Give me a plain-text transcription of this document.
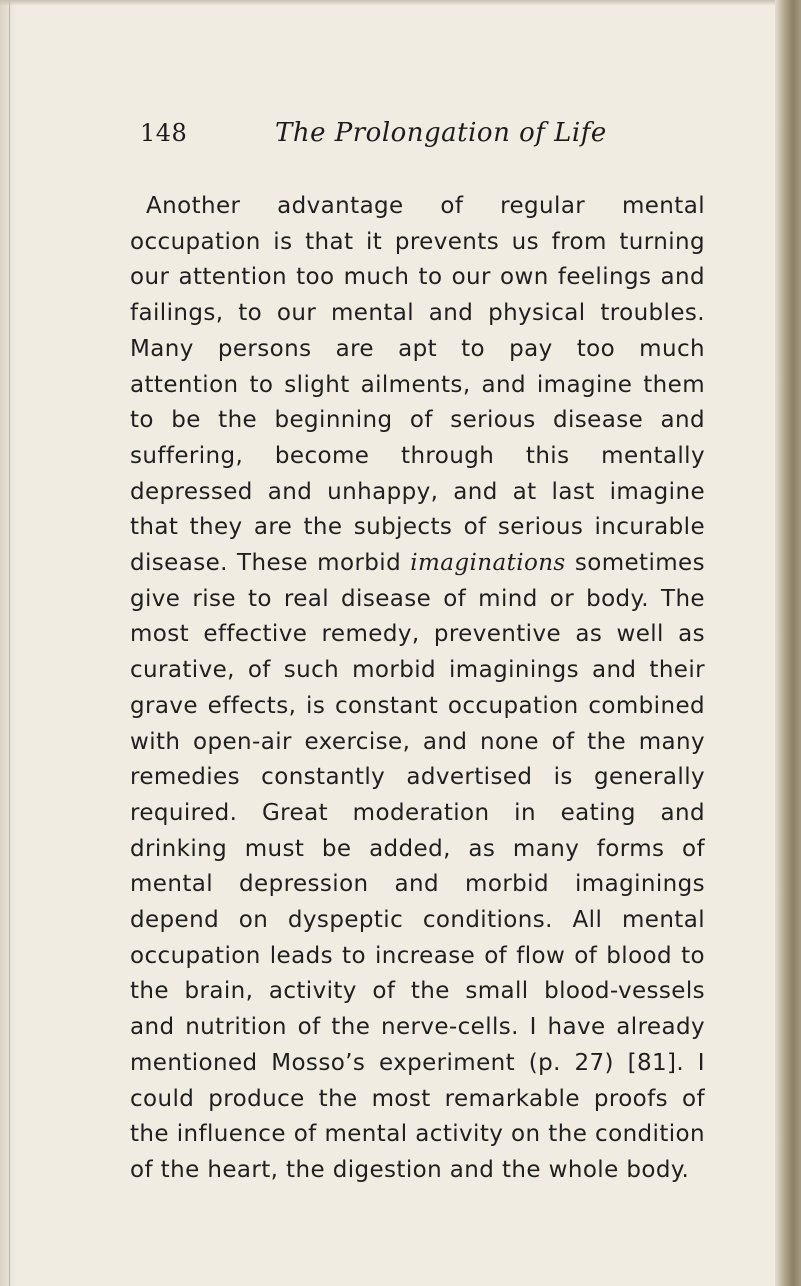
148	The Prolongation of Life

Another advantage of regular mental occupation is that it prevents us from turning our attention too much to our own feelings and failings, to our mental and physical troubles. Many persons are apt to pay too much attention to slight ailments, and imagine them to be the beginning of serious disease and suffering, become through this mentally depressed and unhappy, and at last imagine that they are the subjects of serious incurable disease. These morbid imaginations sometimes give rise to real disease of mind or body. The most effective remedy, preventive as well as curative, of such morbid imaginings and their grave effects, is constant occupation combined with open-air exercise, and none of the many remedies constantly advertised is generally required. Great moderation in eating and drinking must be added, as many forms of mental depression and morbid imaginings depend on dyspeptic conditions. All mental occupation leads to increase of flow of blood to the brain, activity of the small blood-vessels and nutrition of the nerve-cells. I have already mentioned Mosso’s experiment (p. 27) [81]. I could produce the most remarkable proofs of the influence of mental activity on the condition of the heart, the digestion and the whole body.
